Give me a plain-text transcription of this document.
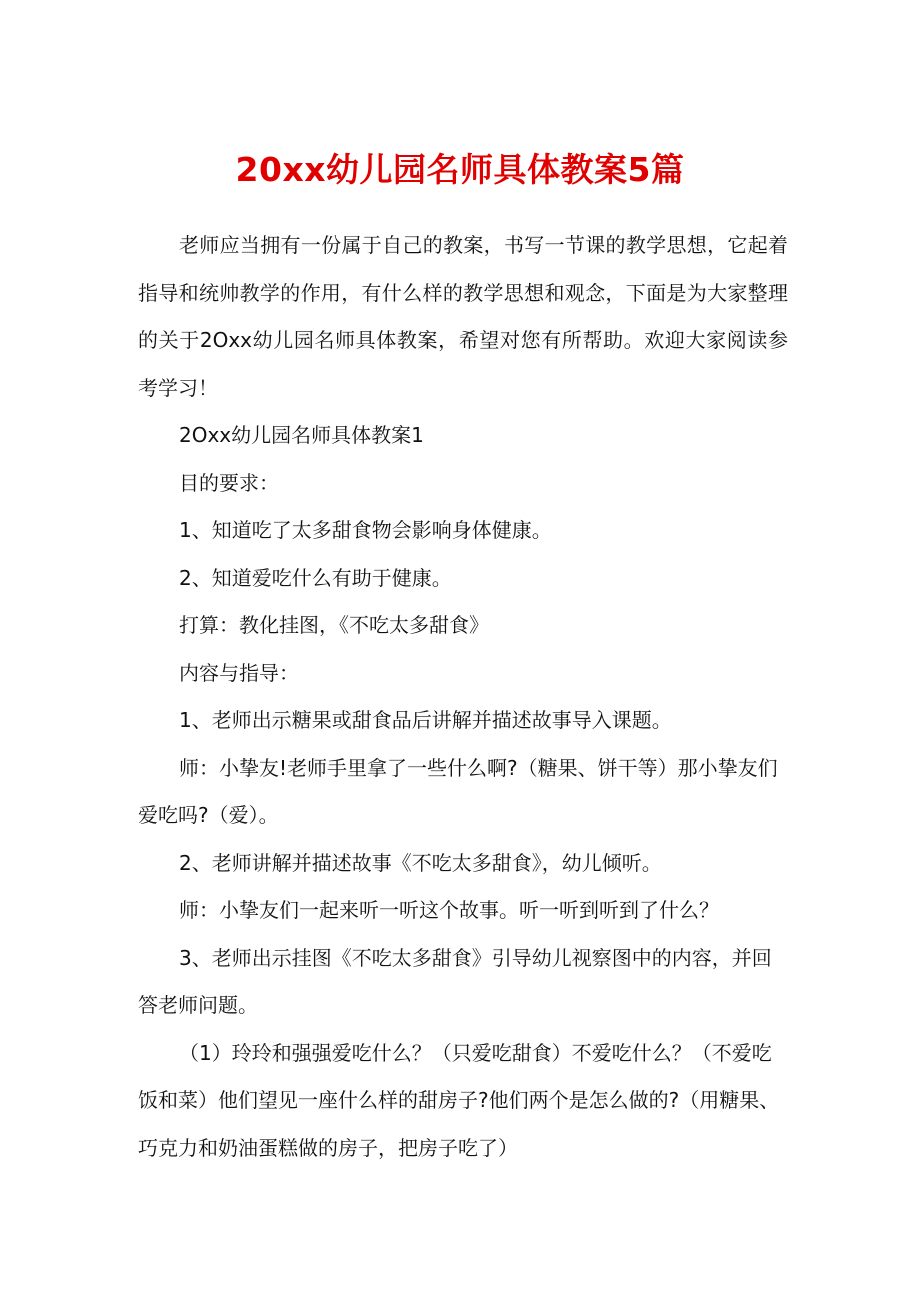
20xx幼儿园名师具体教案5篇

老师应当拥有一份属于自己的教案，书写一节课的教学思想，它起着指导和统帅教学的作用，有什么样的教学思想和观念，下面是为大家整理的关于2Oxx幼儿园名师具体教案，希望对您有所帮助。欢迎大家阅读参考学习！

2Oxx幼儿园名师具体教案1

目的要求：

1、知道吃了太多甜食物会影响身体健康。

2、知道爱吃什么有助于健康。

打算：教化挂图，《不吃太多甜食》

内容与指导：

1、老师出示糖果或甜食品后讲解并描述故事导入课题。

师：小挚友!老师手里拿了一些什么啊?（糖果、饼干等）那小挚友们爱吃吗?（爱）。

2、老师讲解并描述故事《不吃太多甜食》，幼儿倾听。

师：小挚友们一起来听一听这个故事。听一听到听到了什么？

3、老师出示挂图《不吃太多甜食》引导幼儿视察图中的内容，并回答老师问题。

（1）玲玲和强强爱吃什么？（只爱吃甜食）不爱吃什么？（不爱吃饭和菜）他们望见一座什么样的甜房子?他们两个是怎么做的?（用糖果、巧克力和奶油蛋糕做的房子，把房子吃了）
